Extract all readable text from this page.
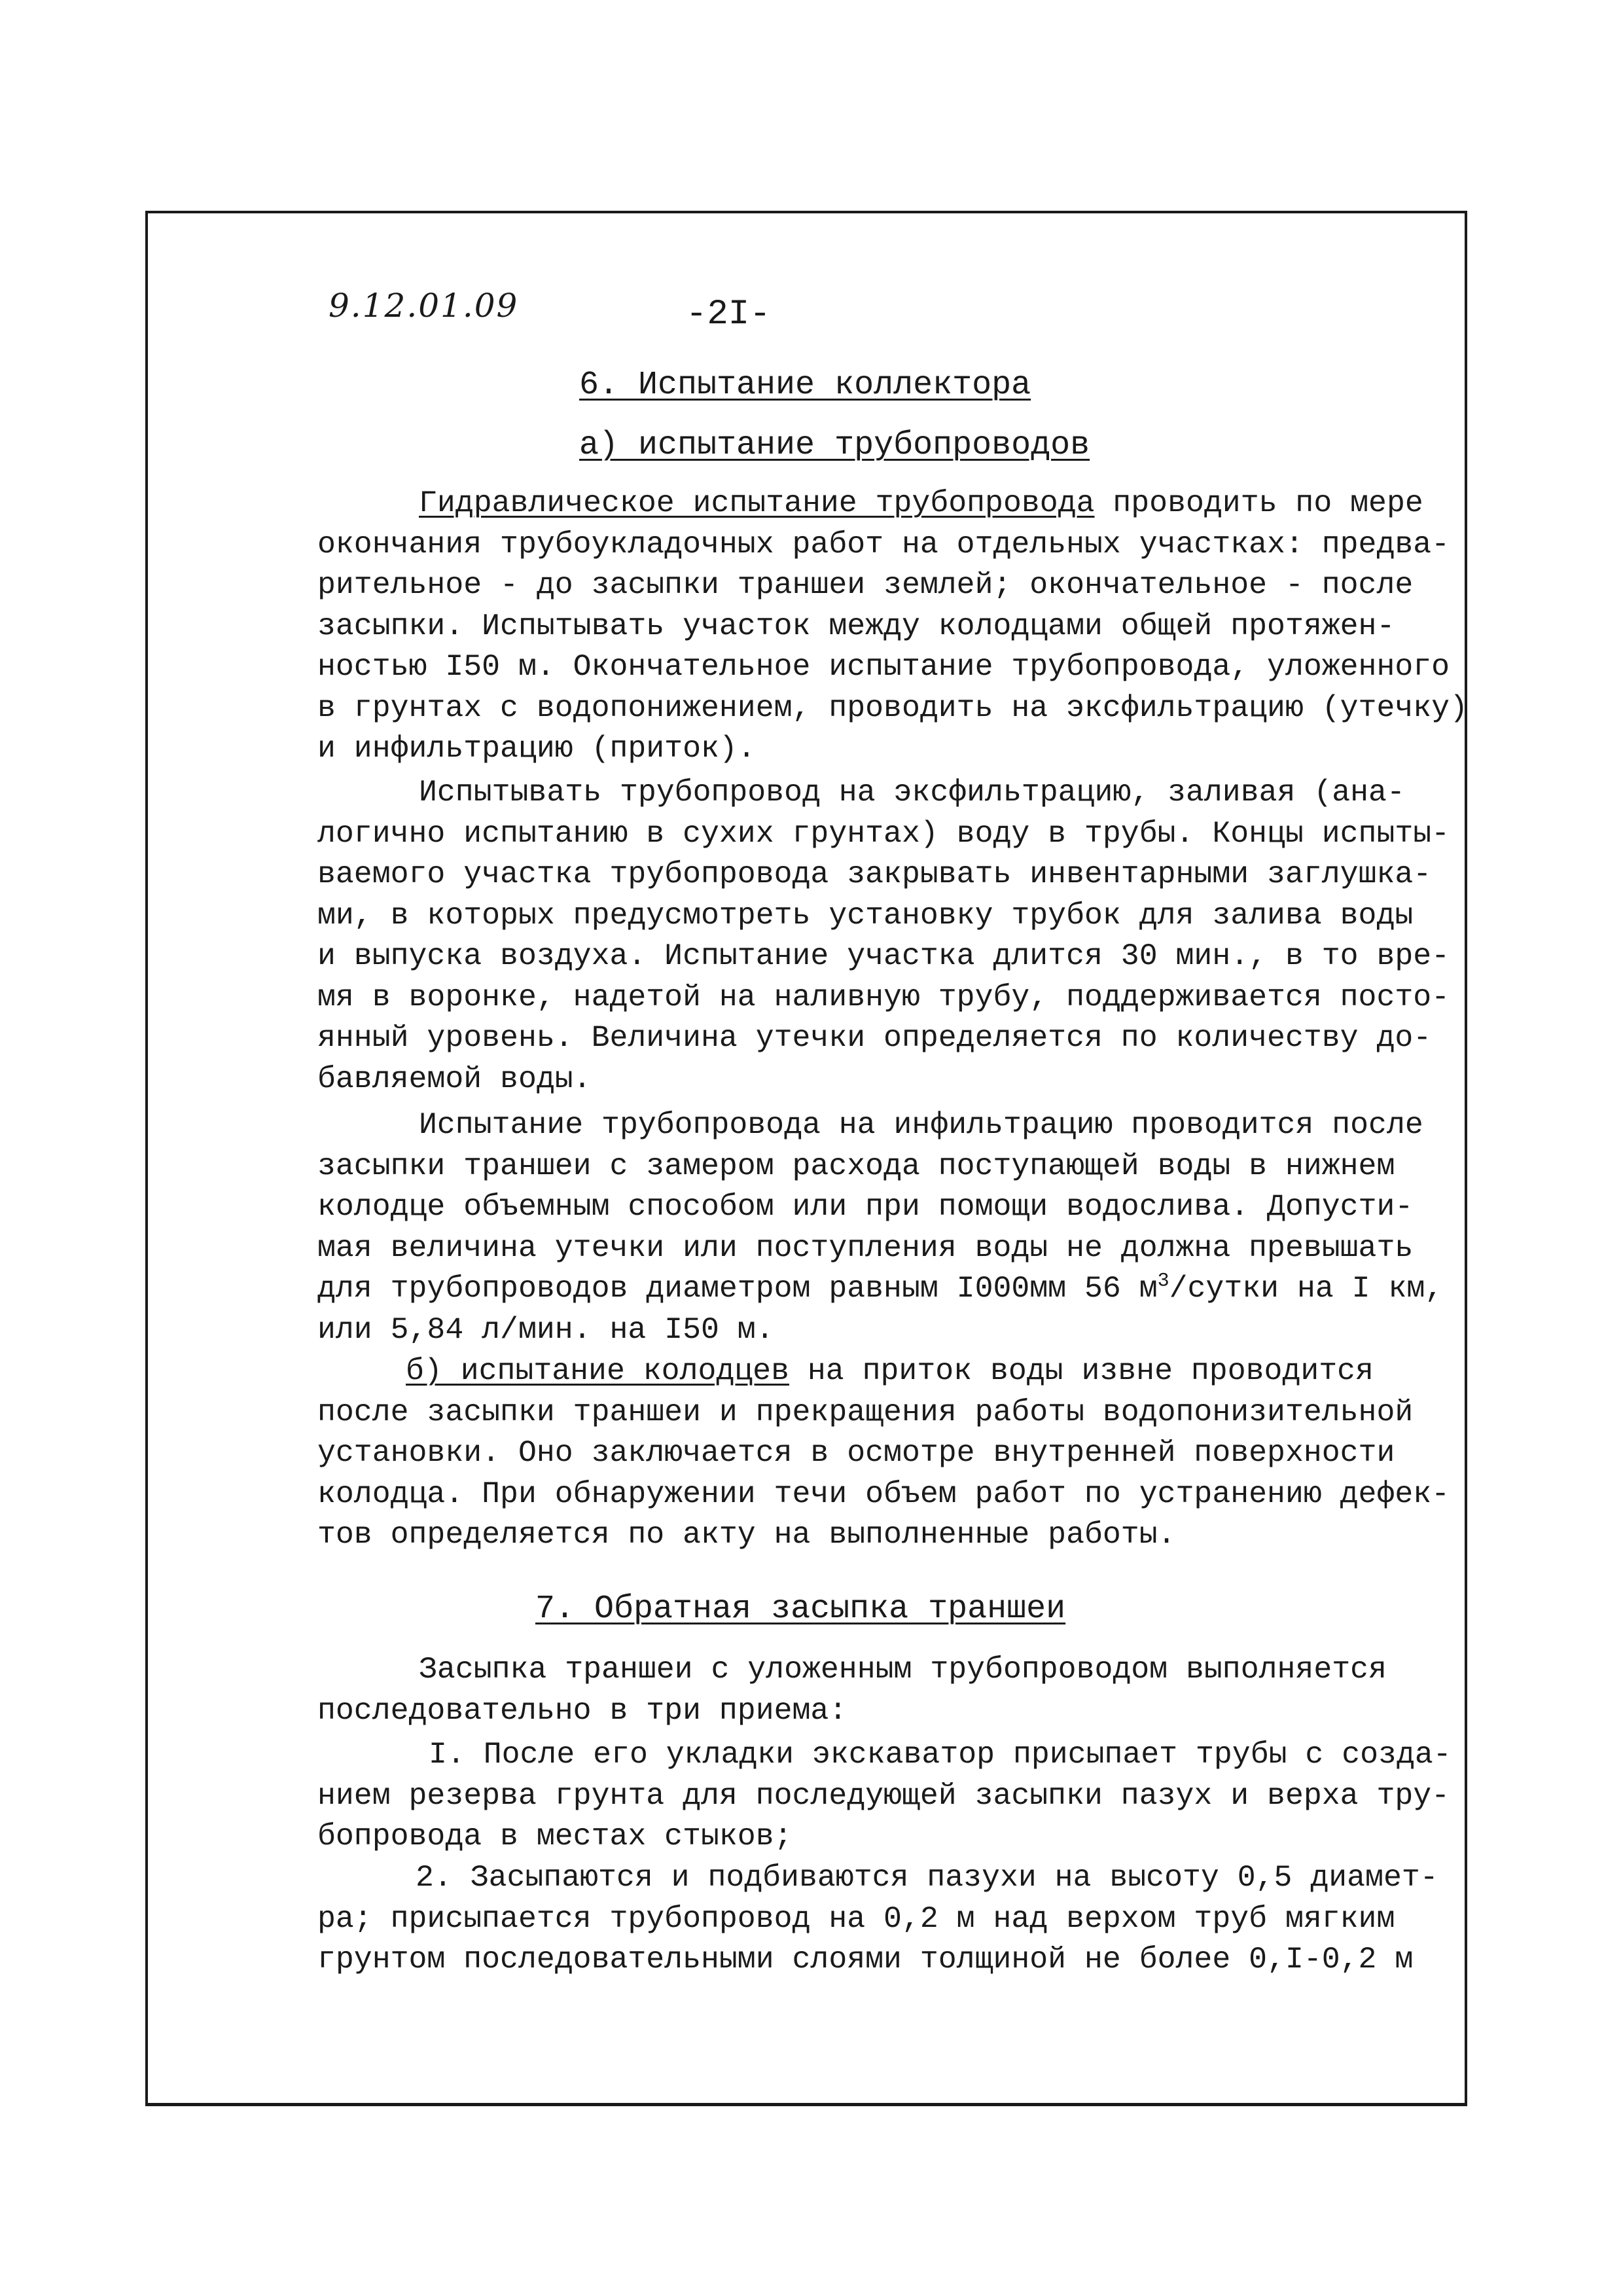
9.12.01.09	-2I-
6. Испытание коллектора
а) испытание трубопроводов
Гидравлическое испытание трубопровода проводить по мере
окончания трубоукладочных работ на отдельных участках: предва-
рительное - до засыпки траншеи землей; окончательное - после
засыпки. Испытывать участок между колодцами общей протяжен-
ностью I50 м. Окончательное испытание трубопровода, уложенного
в грунтах с водопонижением, проводить на эксфильтрацию (утечку)
и инфильтрацию (приток).
Испытывать трубопровод на эксфильтрацию, заливая (ана-
логично испытанию в сухих грунтах) воду в трубы. Концы испыты-
ваемого участка трубопровода закрывать инвентарными заглушка-
ми, в которых предусмотреть установку трубок для залива воды
и выпуска воздуха. Испытание участка длится 30 мин., в то вре-
мя в воронке, надетой на наливную трубу, поддерживается посто-
янный уровень. Величина утечки определяется по количеству до-
бавляемой воды.
Испытание трубопровода на инфильтрацию проводится после
засыпки траншеи с замером расхода поступающей воды в нижнем
колодце объемным способом или при помощи водослива. Допусти-
мая величина утечки или поступления воды не должна превышать
для трубопроводов диаметром равным I000мм 56 $м^3$/сутки на I км,
или 5,84 л/мин. на I50 м.
б) испытание колодцев на приток воды извне проводится
после засыпки траншеи и прекращения работы водопонизительной
установки. Оно заключается в осмотре внутренней поверхности
колодца. При обнаружении течи объем работ по устранению дефек-
тов определяется по акту на выполненные работы.
7. Обратная засыпка траншеи
Засыпка траншеи с уложенным трубопроводом выполняется
последовательно в три приема:
I. После его укладки экскаватор присыпает трубы с созда-
нием резерва грунта для последующей засыпки пазух и верха тру-
бопровода в местах стыков;
2. Засыпаются и подбиваются пазухи на высоту 0,5 диамет-
ра; присыпается трубопровод на 0,2 м над верхом труб мягким
грунтом последовательными слоями толщиной не более 0,I-0,2 м
